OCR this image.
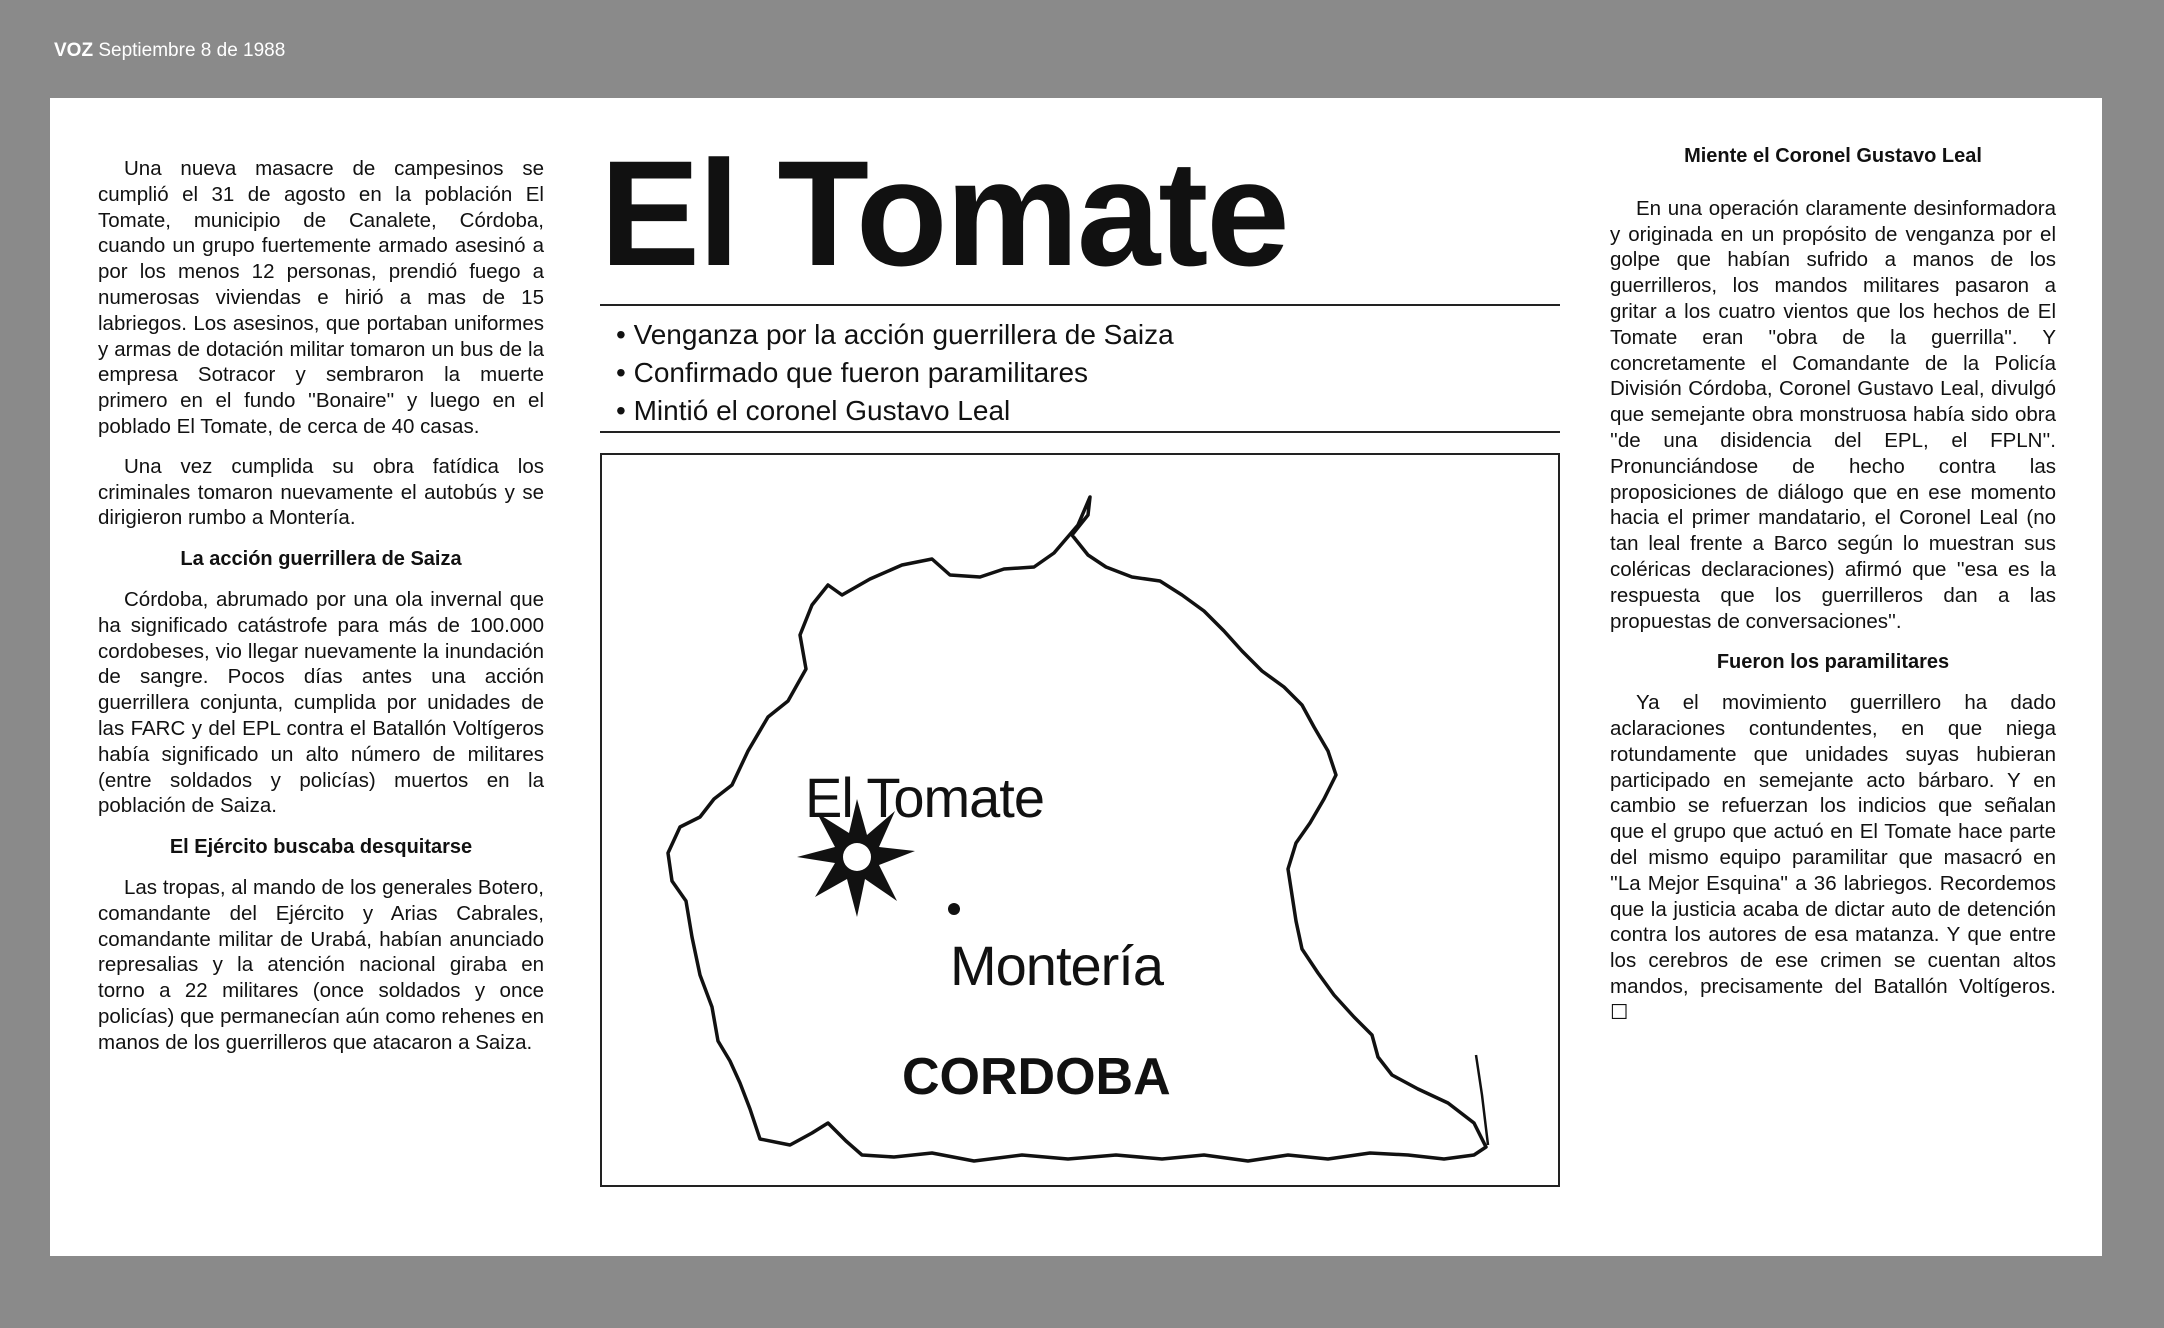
VOZ Septiembre 8 de 1988

Una nueva masacre de campesinos se cumplió el 31 de agosto en la población El Tomate, municipio de Canalete, Córdoba, cuando un grupo fuertemente armado asesinó a por los menos 12 personas, prendió fuego a numerosas viviendas e hirió a mas de 15 labriegos. Los asesinos, que portaban uniformes y armas de dotación militar tomaron un bus de la empresa Sotracor y sembraron la muerte primero en el fundo ''Bonaire'' y luego en el poblado El Tomate, de cerca de 40 casas.

Una vez cumplida su obra fatídica los criminales tomaron nuevamente el autobús y se dirigieron rumbo a Montería.

La acción guerrillera de Saiza

Córdoba, abrumado por una ola invernal que ha significado catástrofe para más de 100.000 cordobeses, vio llegar nuevamente la inundación de sangre. Pocos días antes una acción guerrillera conjunta, cumplida por unidades de las FARC y del EPL contra el Batallón Voltígeros había significado un alto número de militares (entre soldados y policías) muertos en la población de Saiza.

El Ejército buscaba desquitarse

Las tropas, al mando de los generales Botero, comandante del Ejército y Arias Cabrales, comandante militar de Urabá, habían anunciado represalias y la atención nacional giraba en torno a 22 militares (once soldados y once policías) que permanecían aún como rehenes en manos de los guerrilleros que atacaron a Saiza.

El Tomate
• Venganza por la acción guerrillera de Saiza
• Confirmado que fueron paramilitares
• Mintió el coronel Gustavo Leal
El Tomate
Montería
CORDOBA
Miente el Coronel Gustavo Leal

En una operación claramente desinformadora y originada en un propósito de venganza por el golpe que habían sufrido a manos de los guerrilleros, los mandos militares pasaron a gritar a los cuatro vientos que los hechos de El Tomate eran ''obra de la guerrilla''. Y concretamente el Comandante de la Policía División Córdoba, Coronel Gustavo Leal, divulgó que semejante obra monstruosa había sido obra ''de una disidencia del EPL, el FPLN''. Pronunciándose de hecho contra las proposiciones de diálogo que en ese momento hacia el primer mandatario, el Coronel Leal (no tan leal frente a Barco según lo muestran sus coléricas declaraciones) afirmó que ''esa es la respuesta que los guerrilleros dan a las propuestas de conversaciones''.

Fueron los paramilitares

Ya el movimiento guerrillero ha dado aclaraciones contundentes, en que niega rotundamente que unidades suyas hubieran participado en semejante acto bárbaro. Y en cambio se refuerzan los indicios que señalan que el grupo que actuó en El Tomate hace parte del mismo equipo paramilitar que masacró en ''La Mejor Esquina'' a 36 labriegos. Recordemos que la justicia acaba de dictar auto de detención contra los autores de esa matanza. Y que entre los cerebros de ese crimen se cuentan altos mandos, precisamente del Batallón Voltígeros. ☐
